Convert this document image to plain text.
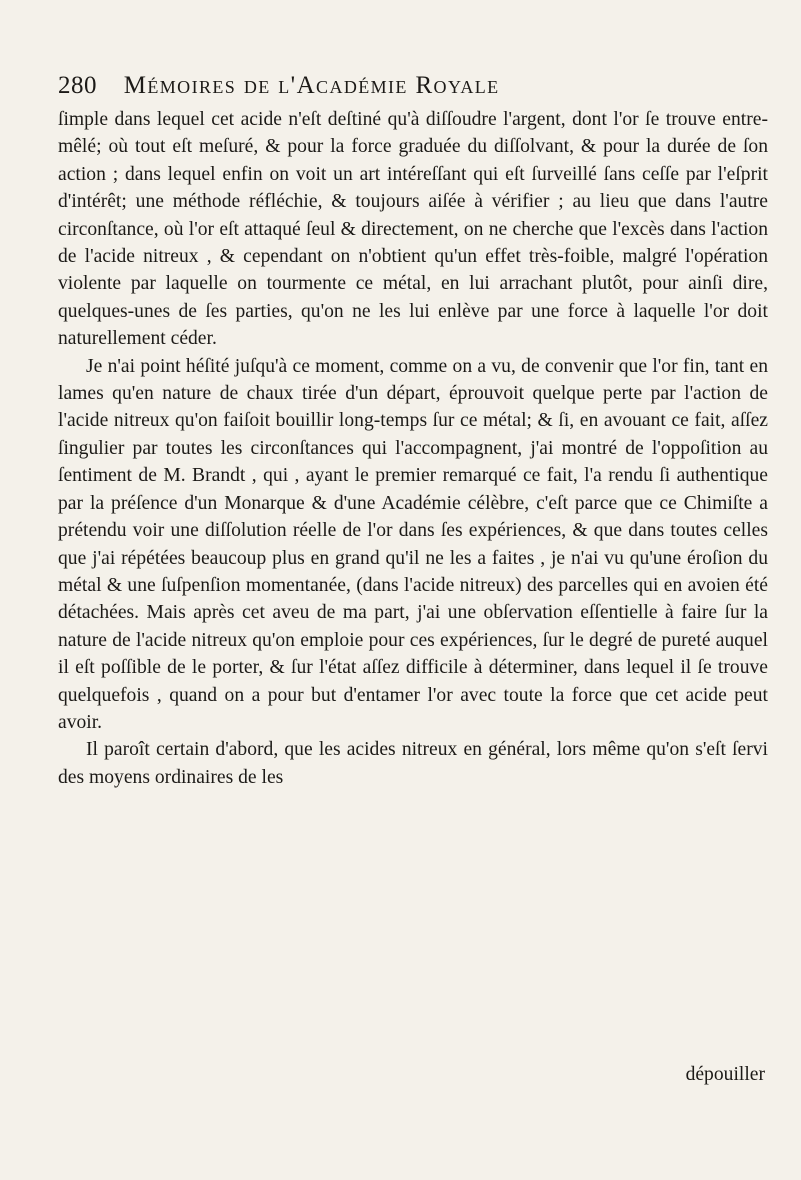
280 Mémoires de l'Académie Royale

ſimple dans lequel cet acide n'eſt deſtiné qu'à diſſoudre l'argent, dont l'or ſe trouve entre-mêlé; où tout eſt meſuré, & pour la force graduée du diſſolvant, & pour la durée de ſon action ; dans lequel enfin on voit un art intéreſſant qui eſt ſurveillé ſans ceſſe par l'eſprit d'intérêt; une méthode réfléchie, & toujours aiſée à vérifier ; au lieu que dans l'autre circonſtance, où l'or eſt attaqué ſeul & directement, on ne cherche que l'excès dans l'action de l'acide nitreux , & cependant on n'obtient qu'un effet très-foible, malgré l'opération violente par laquelle on tourmente ce métal, en lui arrachant plutôt, pour ainſi dire, quelques-unes de ſes parties, qu'on ne les lui enlève par une force à laquelle l'or doit naturellement céder.

Je n'ai point héſité juſqu'à ce moment, comme on a vu, de convenir que l'or fin, tant en lames qu'en nature de chaux tirée d'un départ, éprouvoit quelque perte par l'action de l'acide nitreux qu'on faiſoit bouillir long-temps ſur ce métal; & ſi, en avouant ce fait, aſſez ſingulier par toutes les circonſtances qui l'accompagnent, j'ai montré de l'oppoſition au ſentiment de M. Brandt , qui , ayant le premier remarqué ce fait, l'a rendu ſi authentique par la préſence d'un Monarque & d'une Académie célèbre, c'eſt parce que ce Chimiſte a prétendu voir une diſſolution réelle de l'or dans ſes expériences, & que dans toutes celles que j'ai répétées beaucoup plus en grand qu'il ne les a faites , je n'ai vu qu'une éroſion du métal & une ſuſpenſion momentanée, (dans l'acide nitreux) des parcelles qui en avoien été détachées. Mais après cet aveu de ma part, j'ai une obſervation eſſentielle à faire ſur la nature de l'acide nitreux qu'on emploie pour ces expériences, ſur le degré de pureté auquel il eſt poſſible de le porter, & ſur l'état aſſez difficile à déterminer, dans lequel il ſe trouve quelquefois , quand on a pour but d'entamer l'or avec toute la force que cet acide peut avoir.

Il paroît certain d'abord, que les acides nitreux en général, lors même qu'on s'eſt ſervi des moyens ordinaires de les

dépouiller
